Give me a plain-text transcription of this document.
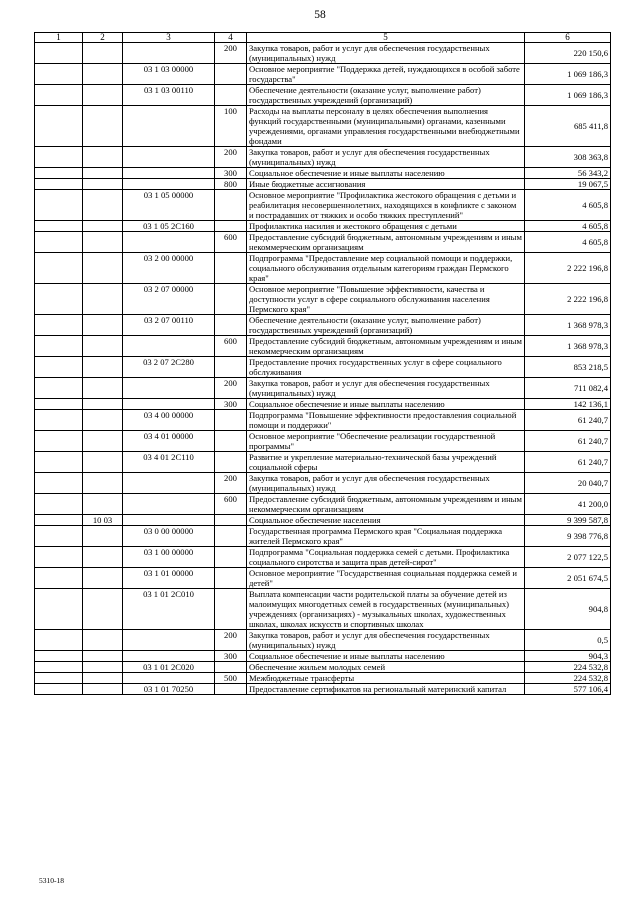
58
1	2	3	4	5	6
			200	Закупка товаров, работ и услуг для обеспечения государственных (муниципальных) нужд	220 150,6
		03 1 03 00000		Основное мероприятие "Поддержка детей, нуждающихся в особой заботе государства"	1 069 186,3
		03 1 03 00110		Обеспечение деятельности (оказание услуг, выполнение работ) государственных учреждений (организаций)	1 069 186,3
			100	Расходы на выплаты персоналу в целях обеспечения выполнения функций государственными (муниципальными) органами, казенными учреждениями, органами управления государственными внебюджетными фондами	685 411,8
			200	Закупка товаров, работ и услуг для обеспечения государственных (муниципальных) нужд	308 363,8
			300	Социальное обеспечение и иные выплаты населению	56 343,2
			800	Иные бюджетные ассигнования	19 067,5
		03 1 05 00000		Основное мероприятие "Профилактика жестокого обращения с детьми и реабилитация несовершеннолетних, находящихся в конфликте с законом и пострадавших от тяжких и особо тяжких преступлений"	4 605,8
		03 1 05 2С160		Профилактика насилия и жестокого обращения с детьми	4 605,8
			600	Предоставление субсидий бюджетным, автономным учреждениям и иным некоммерческим организациям	4 605,8
		03 2 00 00000		Подпрограмма "Предоставление мер социальной помощи и поддержки, социального обслуживания отдельным категориям граждан Пермского края"	2 222 196,8
		03 2 07 00000		Основное мероприятие "Повышение эффективности, качества и доступности услуг в сфере социального обслуживания населения Пермского края"	2 222 196,8
		03 2 07 00110		Обеспечение деятельности (оказание услуг, выполнение работ) государственных учреждений (организаций)	1 368 978,3
			600	Предоставление субсидий бюджетным, автономным учреждениям и иным некоммерческим организациям	1 368 978,3
		03 2 07 2С280		Предоставление прочих государственных услуг в сфере социального обслуживания	853 218,5
			200	Закупка товаров, работ и услуг для обеспечения государственных (муниципальных) нужд	711 082,4
			300	Социальное обеспечение и иные выплаты населению	142 136,1
		03 4 00 00000		Подпрограмма "Повышение эффективности предоставления социальной помощи и поддержки"	61 240,7
		03 4 01 00000		Основное мероприятие "Обеспечение реализации государственной программы"	61 240,7
		03 4 01 2С110		Развитие и укрепление материально-технической базы учреждений социальной сферы	61 240,7
			200	Закупка товаров, работ и услуг для обеспечения государственных (муниципальных) нужд	20 040,7
			600	Предоставление субсидий бюджетным, автономным учреждениям и иным некоммерческим организациям	41 200,0
	10 03			Социальное обеспечение населения	9 399 587,8
		03 0 00 00000		Государственная программа Пермского края "Социальная поддержка жителей Пермского края"	9 398 776,8
		03 1 00 00000		Подпрограмма "Социальная поддержка семей с детьми. Профилактика социального сиротства и защита прав детей-сирот"	2 077 122,5
		03 1 01 00000		Основное мероприятие "Государственная социальная поддержка семей и детей"	2 051 674,5
		03 1 01 2С010		Выплата компенсации части родительской платы за обучение детей из малоимущих многодетных семей в государственных (муниципальных) учреждениях (организациях) - музыкальных школах, художественных школах, школах искусств и спортивных школах	904,8
			200	Закупка товаров, работ и услуг для обеспечения государственных (муниципальных) нужд	0,5
			300	Социальное обеспечение и иные выплаты населению	904,3
		03 1 01 2С020		Обеспечение жильем молодых семей	224 532,8
			500	Межбюджетные трансферты	224 532,8
		03 1 01 70250		Предоставление сертификатов на региональный материнский капитал	577 106,4
5310-18
